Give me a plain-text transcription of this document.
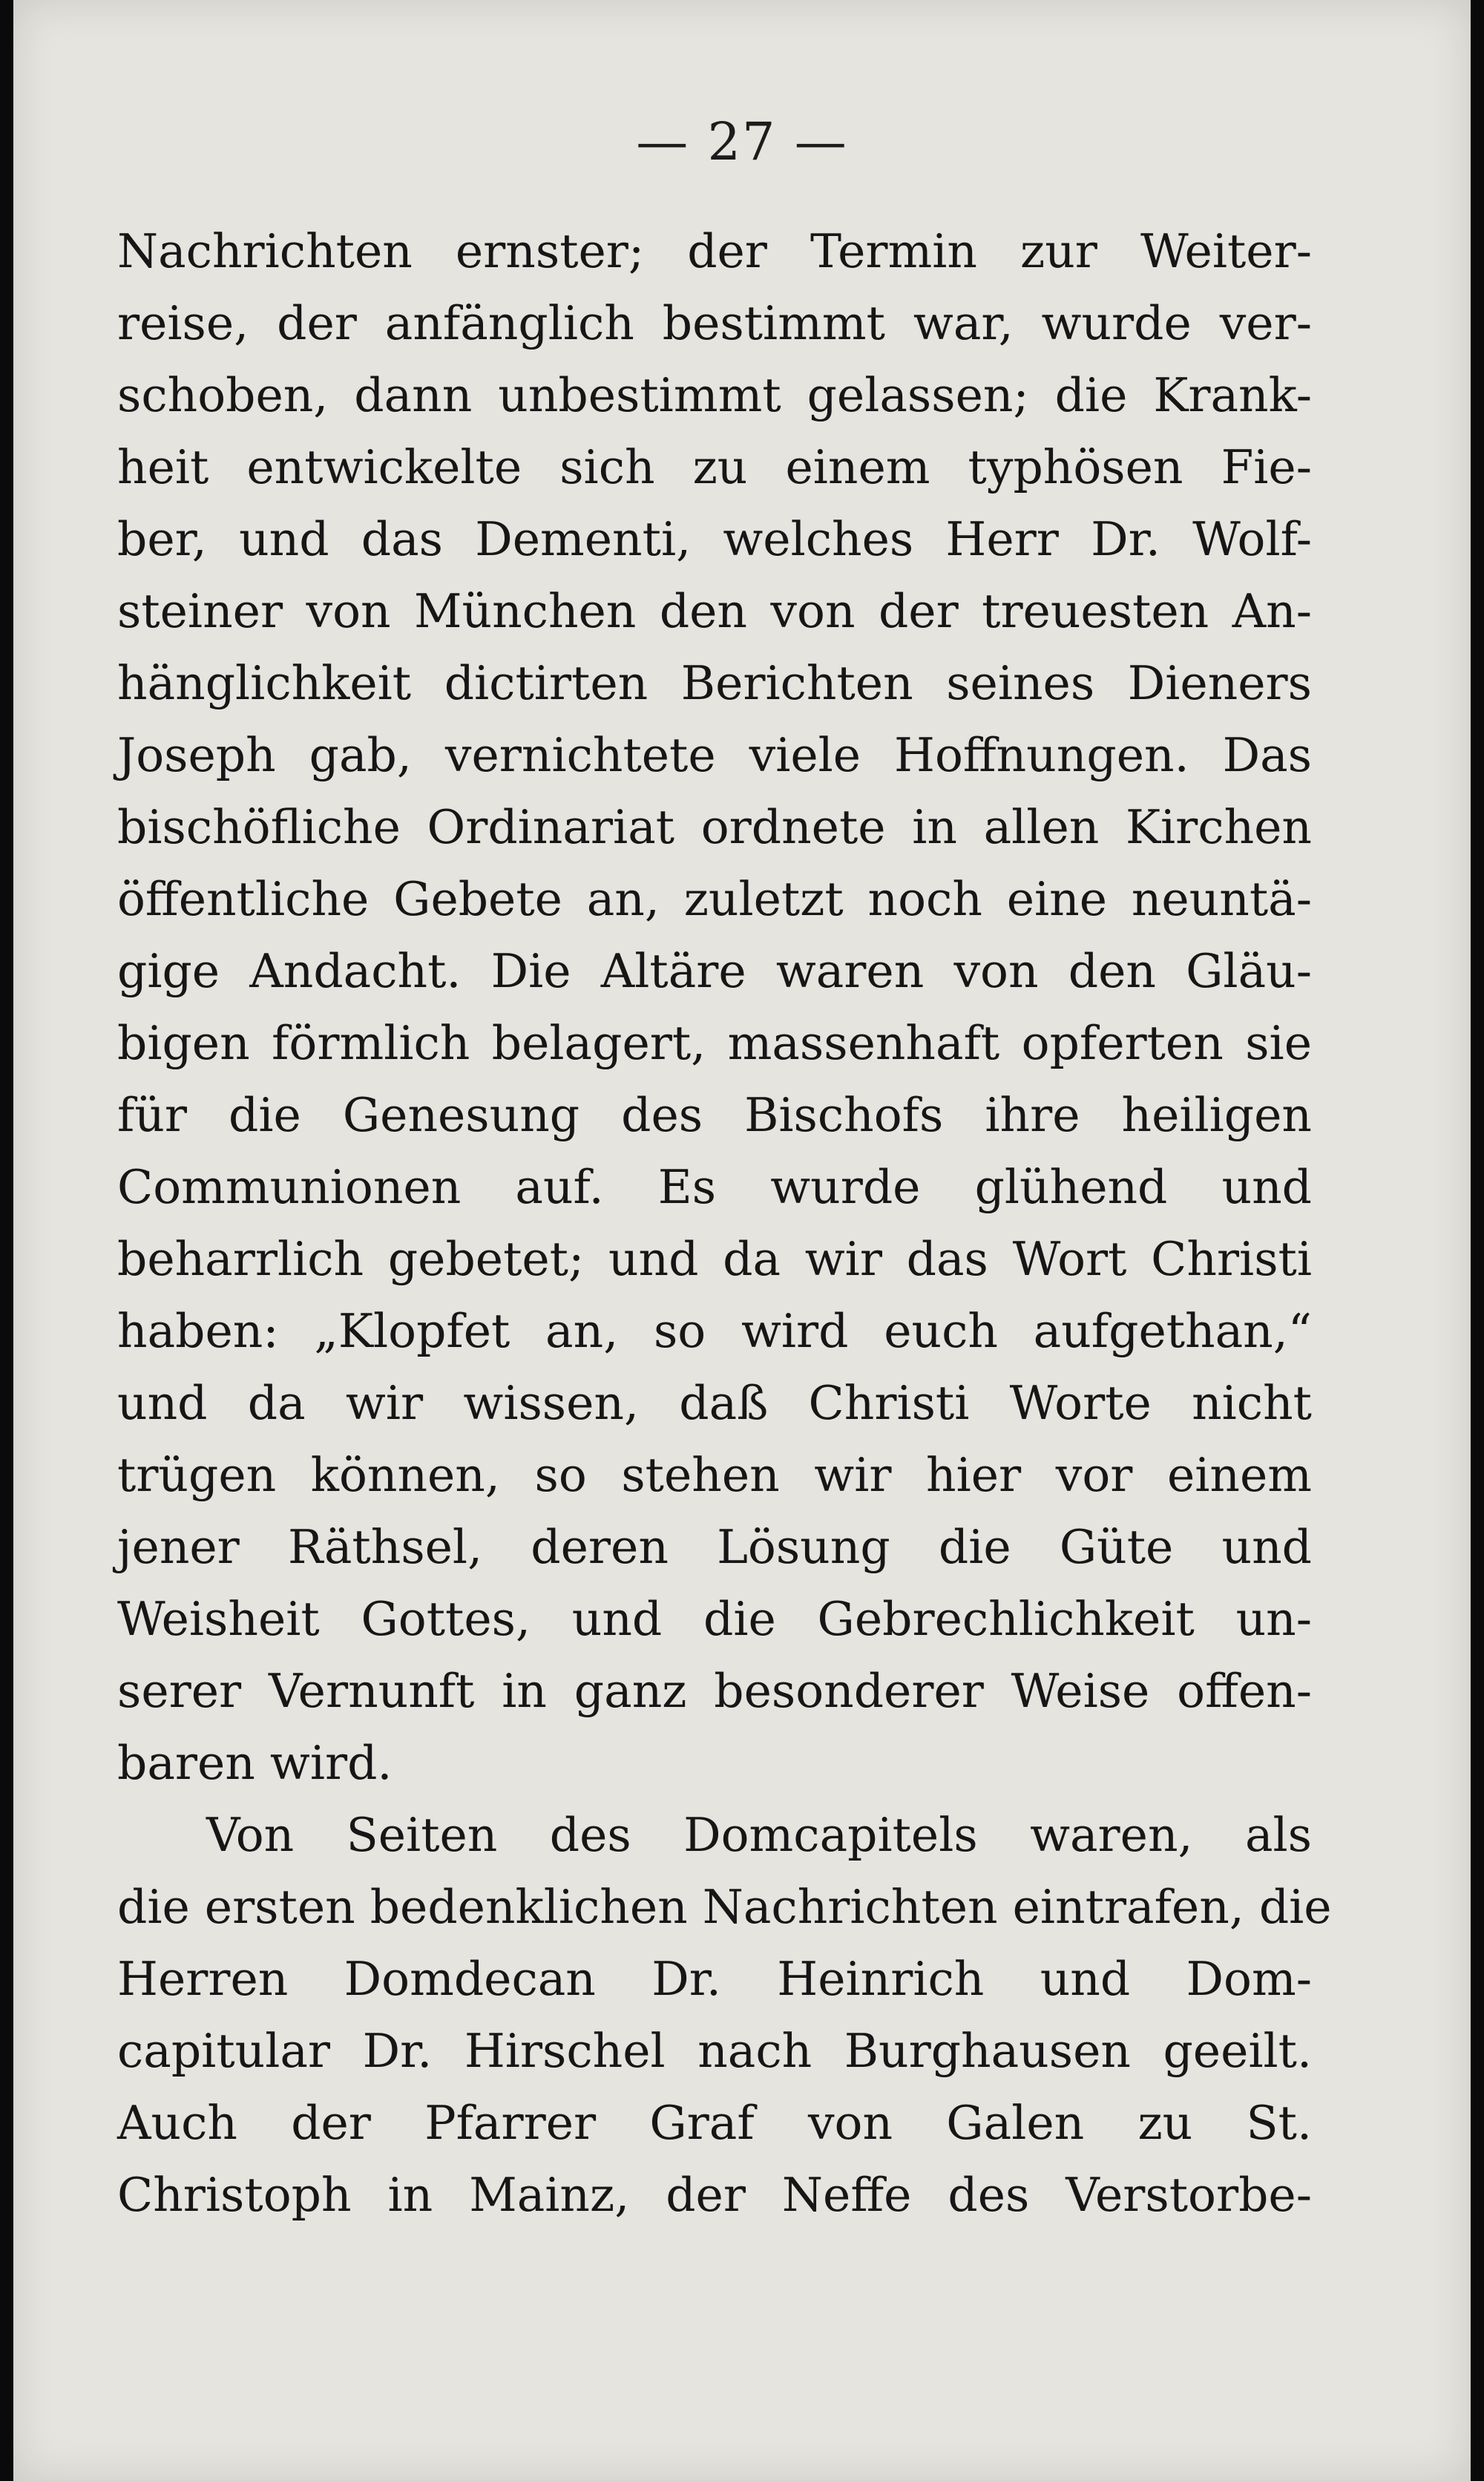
— 27 —
Nachrichten ernster; der Termin zur Weiter-
reise, der anfänglich bestimmt war, wurde ver-
schoben, dann unbestimmt gelassen; die Krank-
heit entwickelte sich zu einem typhösen Fie-
ber, und das Dementi, welches Herr Dr. Wolf-
steiner von München den von der treuesten An-
hänglichkeit dictirten Berichten seines Dieners
Joseph gab, vernichtete viele Hoffnungen. Das
bischöfliche Ordinariat ordnete in allen Kirchen
öffentliche Gebete an, zuletzt noch eine neuntä-
gige Andacht. Die Altäre waren von den Gläu-
bigen förmlich belagert, massenhaft opferten sie
für die Genesung des Bischofs ihre heiligen
Communionen auf. Es wurde glühend und
beharrlich gebetet; und da wir das Wort Christi
haben: „Klopfet an, so wird euch aufgethan,“
und da wir wissen, daß Christi Worte nicht
trügen können, so stehen wir hier vor einem
jener Räthsel, deren Lösung die Güte und
Weisheit Gottes, und die Gebrechlichkeit un-
serer Vernunft in ganz besonderer Weise offen-
baren wird.
Von Seiten des Domcapitels waren, als
die ersten bedenklichen Nachrichten eintrafen, die
Herren Domdecan Dr. Heinrich und Dom-
capitular Dr. Hirschel nach Burghausen geeilt.
Auch der Pfarrer Graf von Galen zu St.
Christoph in Mainz, der Neffe des Verstorbe-
